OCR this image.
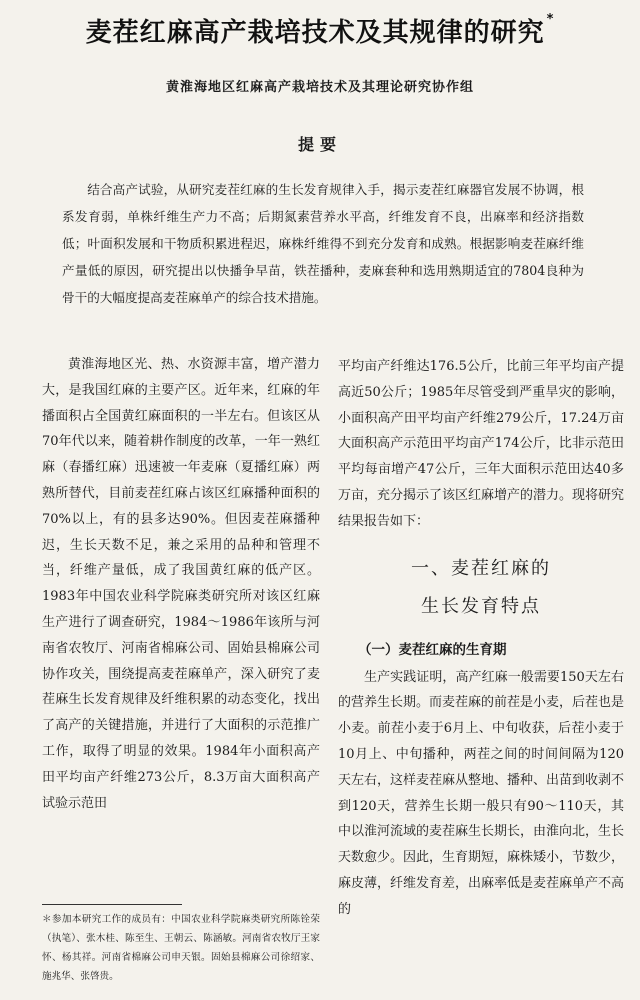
麦茬红麻高产栽培技术及其规律的研究 *
黄淮海地区红麻高产栽培技术及其理论研究协作组
提要
结合高产试验，从研究麦茬红麻的生长发育规律入手，揭示麦茬红麻器官发展不协调，根系发育弱，单株纤维生产力不高；后期氮素营养水平高，纤维发育不良，出麻率和经济指数低；叶面积发展和干物质积累进程迟，麻株纤维得不到充分发育和成熟。根据影响麦茬麻纤维产量低的原因，研究提出以快播争早苗，铁茬播种，麦麻套种和选用熟期适宜的7804良种为骨干的大幅度提高麦茬麻单产的综合技术措施。

黄淮海地区光、热、水资源丰富，增产潜力大，是我国红麻的主要产区。近年来，红麻的年播面积占全国黄红麻面积的一半左右。但该区从70年代以来，随着耕作制度的改革，一年一熟红麻（春播红麻）迅速被一年麦麻（夏播红麻）两熟所替代，目前麦茬红麻占该区红麻播种面积的70%以上，有的县多达90%。但因麦茬麻播种迟，生长天数不足，兼之采用的品种和管理不当，纤维产量低，成了我国黄红麻的低产区。1983年中国农业科学院麻类研究所对该区红麻生产进行了调查研究，1984～1986年该所与河南省农牧厅、河南省棉麻公司、固始县棉麻公司协作攻关，围绕提高麦茬麻单产，深入研究了麦茬麻生长发育规律及纤维积累的动态变化，找出了高产的关键措施，并进行了大面积的示范推广工作，取得了明显的效果。1984年小面积高产田平均亩产纤维273公斤，8.3万亩大面积高产试验示范田

平均亩产纤维达176.5公斤，比前三年平均亩产提高近50公斤；1985年尽管受到严重旱灾的影响，小面积高产田平均亩产纤维279公斤，17.24万亩大面积高产示范田平均亩产174公斤，比非示范田平均每亩增产47公斤，三年大面积示范田达40多万亩，充分揭示了该区红麻增产的潜力。现将研究结果报告如下：

一、麦茬红麻的
生长发育特点
（一）麦茬红麻的生育期

生产实践证明，高产红麻一般需要150天左右的营养生长期。而麦茬麻的前茬是小麦，后茬也是小麦。前茬小麦于6月上、中旬收获，后茬小麦于10月上、中旬播种，两茬之间的时间间隔为120天左右，这样麦茬麻从整地、播种、出苗到收剥不到120天，营养生长期一般只有90～110天，其中以淮河流域的麦茬麻生长期长，由淮向北，生长天数愈少。因此，生育期短，麻株矮小，节数少，麻皮薄，纤维发育差，出麻率低是麦茬麻单产不高的

＊参加本研究工作的成员有：中国农业科学院麻类研究所陈铨荣（执笔）、张木桂、陈至生、王朝云、陈涵敏。河南省农牧厅王家怀、杨其祥。河南省棉麻公司申天银。固始县棉麻公司徐绍家、施兆华、张啓贵。
